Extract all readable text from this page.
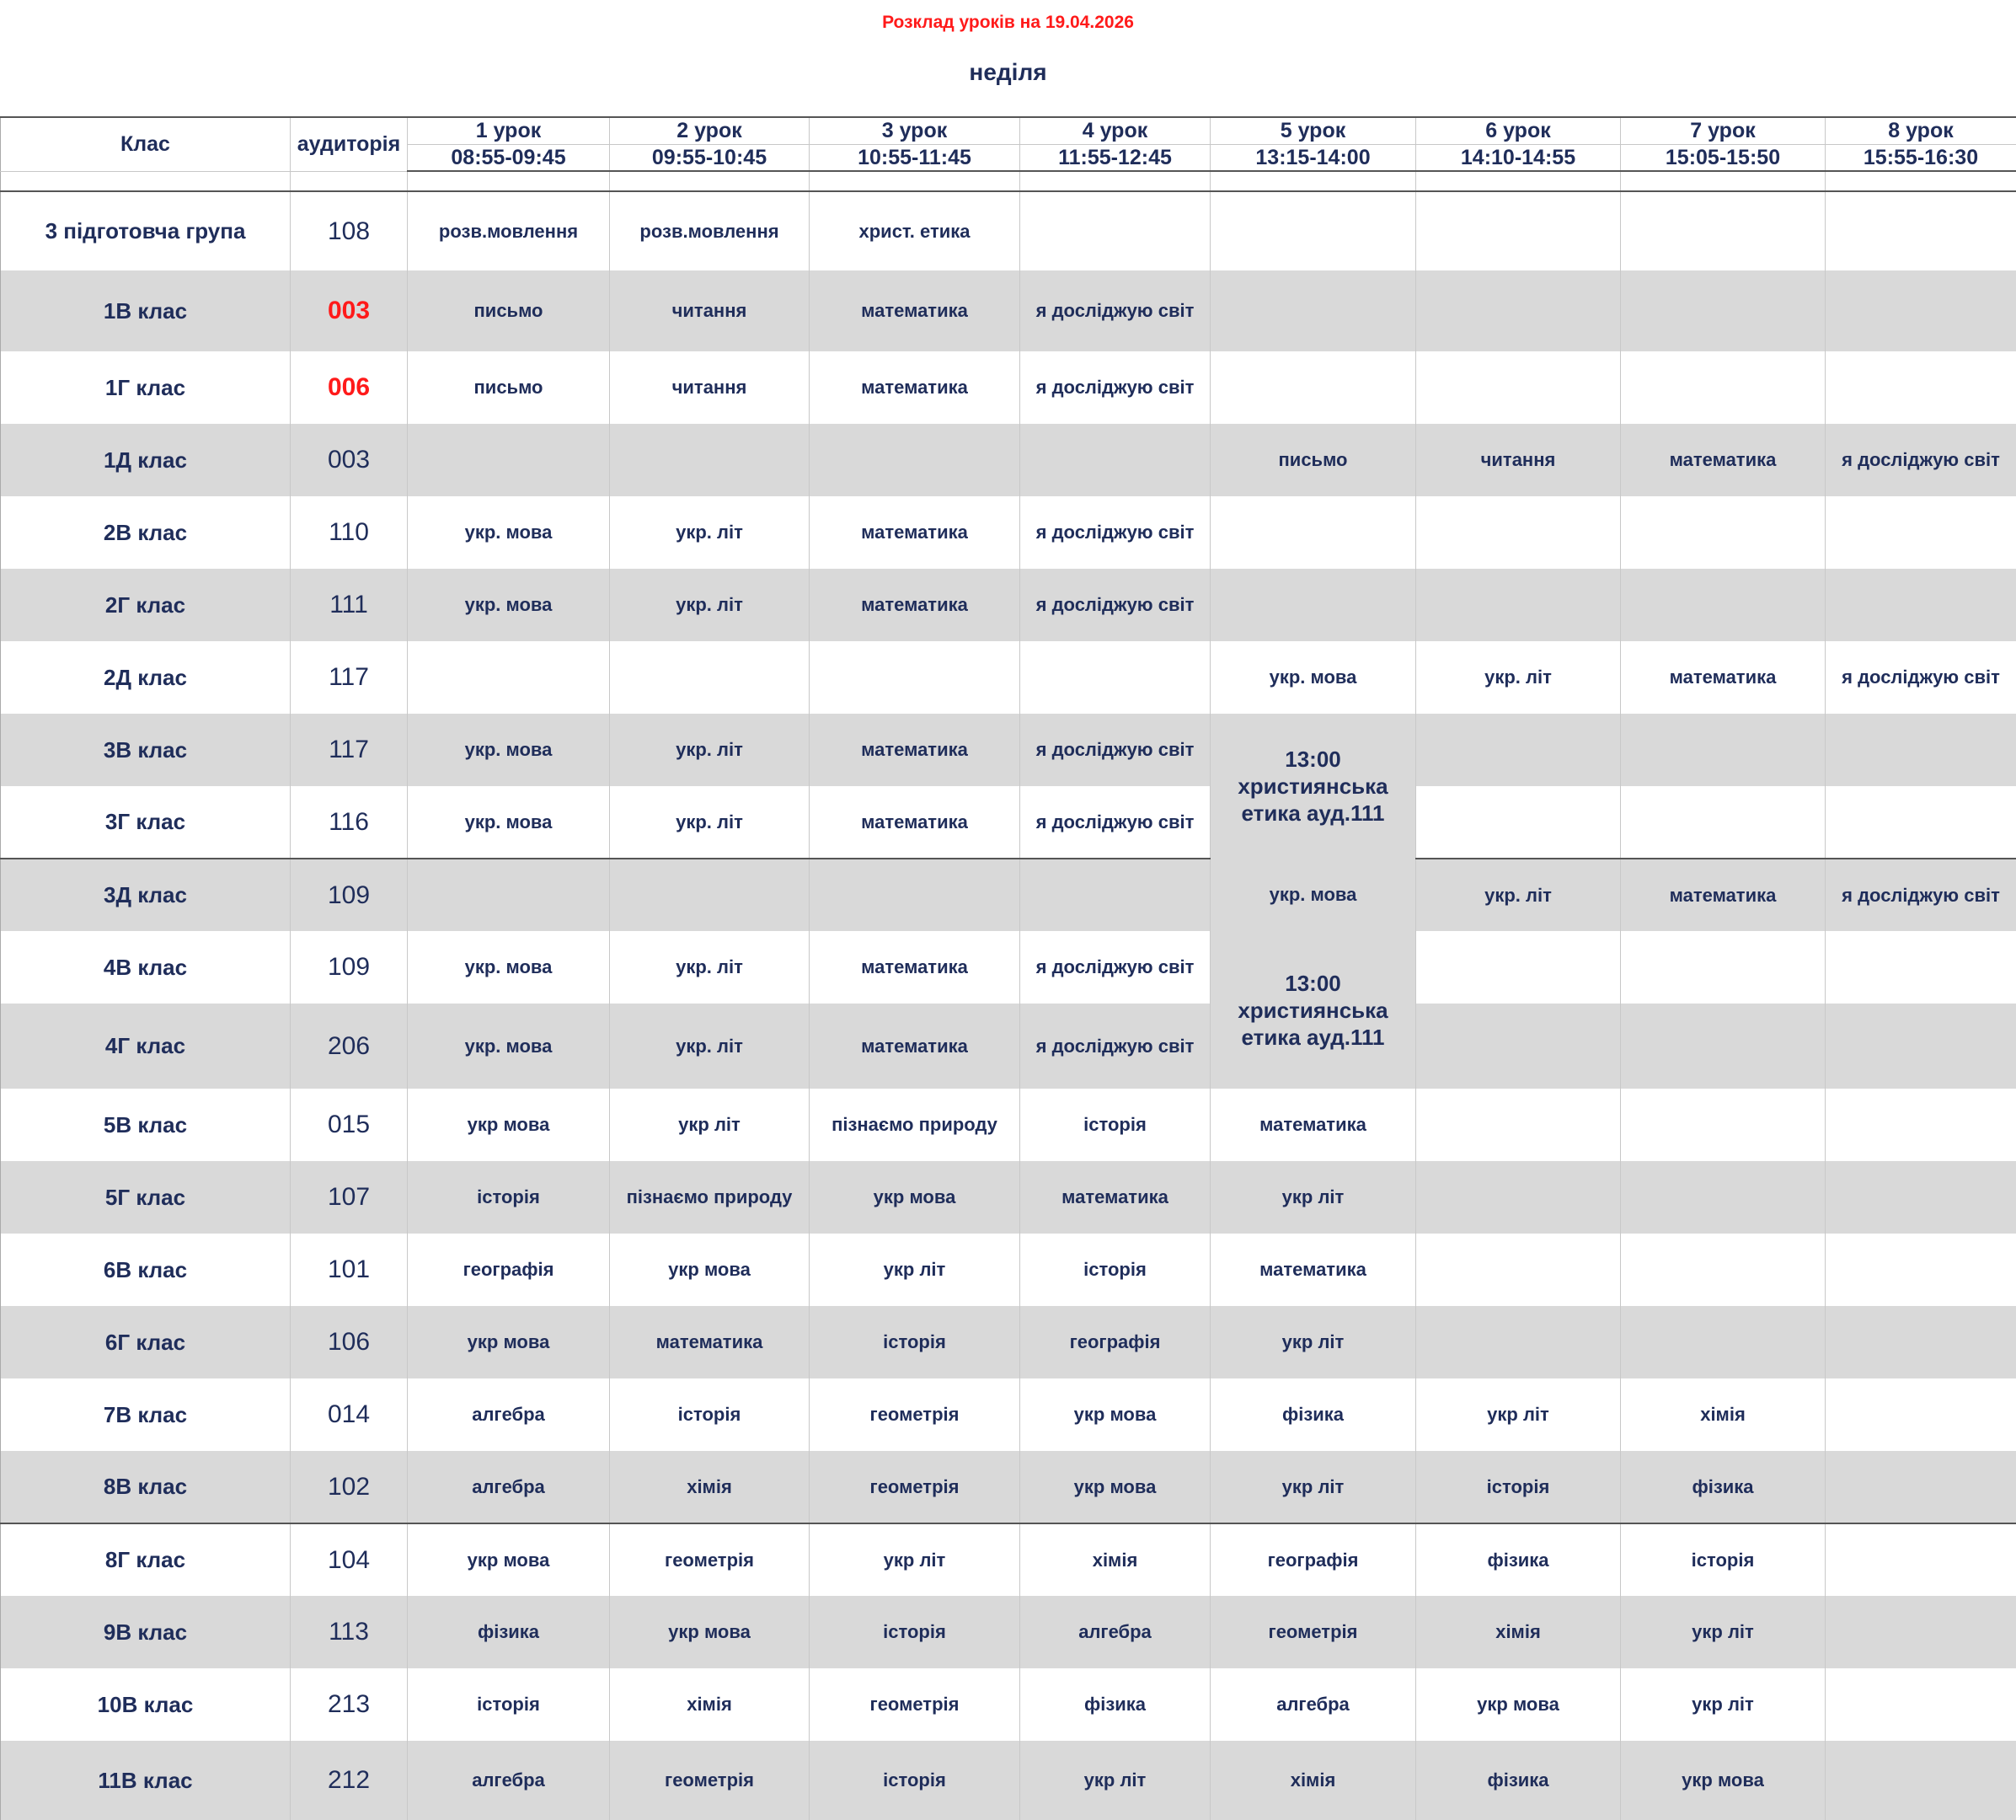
Розклад уроків на 19.04.2026
неділя
Клас	аудиторія	1 урок	2 урок	3 урок	4 урок	5 урок	6 урок	7 урок	8 урок
		08:55-09:45	09:55-10:45	10:55-11:45	11:55-12:45	13:15-14:00	14:10-14:55	15:05-15:50	15:55-16:30

3 підготовча група	108	розв.мовлення	розв.мовлення	христ. етика					
1В клас	003	письмо	читання	математика	я досліджую світ				
1Г клас	006	письмо	читання	математика	я досліджую світ				
1Д клас	003					письмо	читання	математика	я досліджую світ
2В клас	110	укр. мова	укр. літ	математика	я досліджую світ				
2Г клас	111	укр. мова	укр. літ	математика	я досліджую світ				
2Д клас	117					укр. мова	укр. літ	математика	я досліджую світ
3В клас	117	укр. мова	укр. літ	математика	я досліджую світ	13:00 християнська етика ауд.111			
3Г клас	116	укр. мова	укр. літ	математика	я досліджую світ				
3Д клас	109					укр. мова	укр. літ	математика	я досліджую світ
4В клас	109	укр. мова	укр. літ	математика	я досліджую світ	13:00 християнська етика ауд.111			
4Г клас	206	укр. мова	укр. літ	математика	я досліджую світ				
5В клас	015	укр мова	укр літ	пізнаємо природу	історія	математика			
5Г клас	107	історія	пізнаємо природу	укр мова	математика	укр літ			
6В клас	101	географія	укр мова	укр літ	історія	математика			
6Г клас	106	укр мова	математика	історія	географія	укр літ			
7В клас	014	алгебра	історія	геометрія	укр мова	фізика	укр літ	хімія	
8В клас	102	алгебра	хімія	геометрія	укр мова	укр літ	історія	фізика	
8Г клас	104	укр мова	геометрія	укр літ	хімія	географія	фізика	історія	
9В клас	113	фізика	укр мова	історія	алгебра	геометрія	хімія	укр літ	
10В клас	213	історія	хімія	геометрія	фізика	алгебра	укр мова	укр літ	
11В клас	212	алгебра	геометрія	історія	укр літ	хімія	фізика	укр мова	
